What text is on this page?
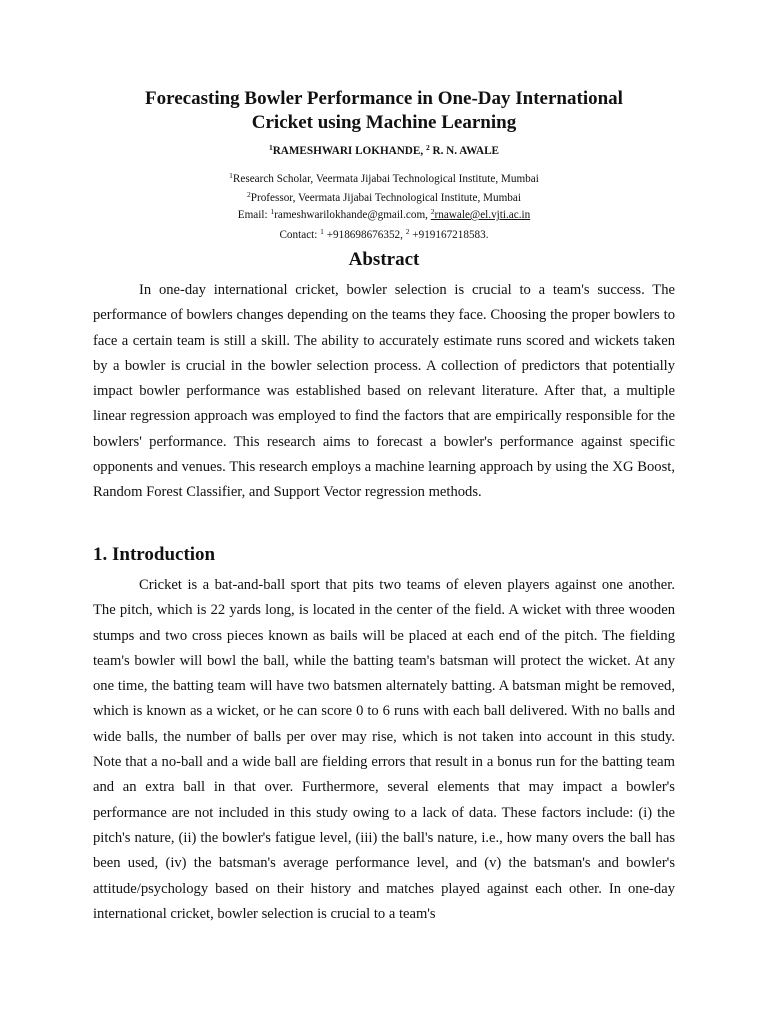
Forecasting Bowler Performance in One-Day International
Cricket using Machine Learning
$^1$RAMESHWARI LOKHANDE, $^2$ R. N. AWALE
$^1$Research Scholar, Veermata Jijabai Technological Institute, Mumbai
$^2$Professor, Veermata Jijabai Technological Institute, Mumbai
Email: $^1$rameshwarilokhande@gmail.com, $^2$rnawale@el.vjti.ac.in
Contact: $^1$ +918698676352, $^2$ +919167218583.
Abstract

In one-day international cricket, bowler selection is crucial to a team's success. The performance of bowlers changes depending on the teams they face. Choosing the proper bowlers to face a certain team is still a skill. The ability to accurately estimate runs scored and wickets taken by a bowler is crucial in the bowler selection process. A collection of predictors that potentially impact bowler performance was established based on relevant literature. After that, a multiple linear regression approach was employed to find the factors that are empirically responsible for the bowlers' performance. This research aims to forecast a bowler's performance against specific opponents and venues. This research employs a machine learning approach by using the XG Boost, Random Forest Classifier, and Support Vector regression methods.

1. Introduction

Cricket is a bat-and-ball sport that pits two teams of eleven players against one another. The pitch, which is 22 yards long, is located in the center of the field. A wicket with three wooden stumps and two cross pieces known as bails will be placed at each end of the pitch. The fielding team's bowler will bowl the ball, while the batting team's batsman will protect the wicket. At any one time, the batting team will have two batsmen alternately batting. A batsman might be removed, which is known as a wicket, or he can score 0 to 6 runs with each ball delivered. With no balls and wide balls, the number of balls per over may rise, which is not taken into account in this study. Note that a no-ball and a wide ball are fielding errors that result in a bonus run for the batting team and an extra ball in that over. Furthermore, several elements that may impact a bowler's performance are not included in this study owing to a lack of data. These factors include: (i) the pitch's nature, (ii) the bowler's fatigue level, (iii) the ball's nature, i.e., how many overs the ball has been used, (iv) the batsman's average performance level, and (v) the batsman's and bowler's attitude/psychology based on their history and matches played against each other. In one-day international cricket, bowler selection is crucial to a team's
